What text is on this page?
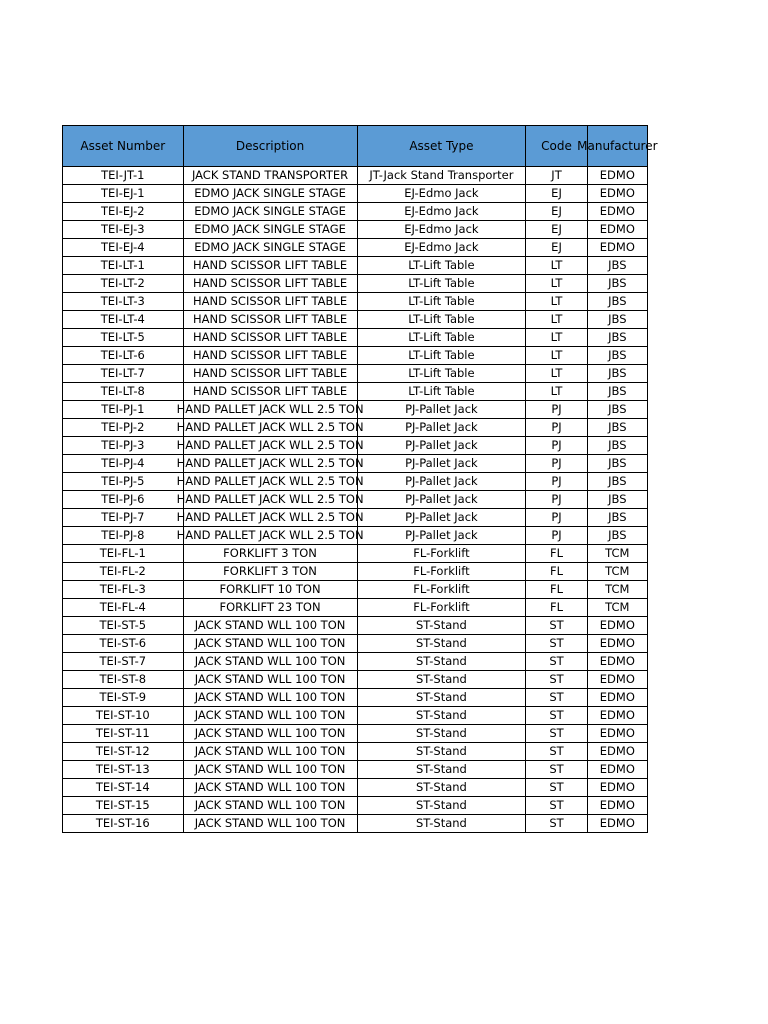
Asset Number	Description	Asset Type	Code	Manufacturer

TEI-JT-1	JACK STAND TRANSPORTER	JT-Jack Stand Transporter	JT	EDMO

TEI-EJ-1	EDMO JACK SINGLE STAGE	EJ-Edmo Jack	EJ	EDMO

TEI-EJ-2	EDMO JACK SINGLE STAGE	EJ-Edmo Jack	EJ	EDMO

TEI-EJ-3	EDMO JACK SINGLE STAGE	EJ-Edmo Jack	EJ	EDMO

TEI-EJ-4	EDMO JACK SINGLE STAGE	EJ-Edmo Jack	EJ	EDMO

TEI-LT-1	HAND SCISSOR LIFT TABLE	LT-Lift Table	LT	JBS

TEI-LT-2	HAND SCISSOR LIFT TABLE	LT-Lift Table	LT	JBS

TEI-LT-3	HAND SCISSOR LIFT TABLE	LT-Lift Table	LT	JBS

TEI-LT-4	HAND SCISSOR LIFT TABLE	LT-Lift Table	LT	JBS

TEI-LT-5	HAND SCISSOR LIFT TABLE	LT-Lift Table	LT	JBS

TEI-LT-6	HAND SCISSOR LIFT TABLE	LT-Lift Table	LT	JBS

TEI-LT-7	HAND SCISSOR LIFT TABLE	LT-Lift Table	LT	JBS

TEI-LT-8	HAND SCISSOR LIFT TABLE	LT-Lift Table	LT	JBS

TEI-PJ-1	HAND PALLET JACK WLL 2.5 TON	PJ-Pallet Jack	PJ	JBS

TEI-PJ-2	HAND PALLET JACK WLL 2.5 TON	PJ-Pallet Jack	PJ	JBS

TEI-PJ-3	HAND PALLET JACK WLL 2.5 TON	PJ-Pallet Jack	PJ	JBS

TEI-PJ-4	HAND PALLET JACK WLL 2.5 TON	PJ-Pallet Jack	PJ	JBS

TEI-PJ-5	HAND PALLET JACK WLL 2.5 TON	PJ-Pallet Jack	PJ	JBS

TEI-PJ-6	HAND PALLET JACK WLL 2.5 TON	PJ-Pallet Jack	PJ	JBS

TEI-PJ-7	HAND PALLET JACK WLL 2.5 TON	PJ-Pallet Jack	PJ	JBS

TEI-PJ-8	HAND PALLET JACK WLL 2.5 TON	PJ-Pallet Jack	PJ	JBS

TEI-FL-1	FORKLIFT 3 TON	FL-Forklift	FL	TCM

TEI-FL-2	FORKLIFT 3 TON	FL-Forklift	FL	TCM

TEI-FL-3	FORKLIFT 10 TON	FL-Forklift	FL	TCM

TEI-FL-4	FORKLIFT 23 TON	FL-Forklift	FL	TCM

TEI-ST-5	JACK STAND WLL 100 TON	ST-Stand	ST	EDMO

TEI-ST-6	JACK STAND WLL 100 TON	ST-Stand	ST	EDMO

TEI-ST-7	JACK STAND WLL 100 TON	ST-Stand	ST	EDMO

TEI-ST-8	JACK STAND WLL 100 TON	ST-Stand	ST	EDMO

TEI-ST-9	JACK STAND WLL 100 TON	ST-Stand	ST	EDMO

TEI-ST-10	JACK STAND WLL 100 TON	ST-Stand	ST	EDMO

TEI-ST-11	JACK STAND WLL 100 TON	ST-Stand	ST	EDMO

TEI-ST-12	JACK STAND WLL 100 TON	ST-Stand	ST	EDMO

TEI-ST-13	JACK STAND WLL 100 TON	ST-Stand	ST	EDMO

TEI-ST-14	JACK STAND WLL 100 TON	ST-Stand	ST	EDMO

TEI-ST-15	JACK STAND WLL 100 TON	ST-Stand	ST	EDMO

TEI-ST-16	JACK STAND WLL 100 TON	ST-Stand	ST	EDMO
